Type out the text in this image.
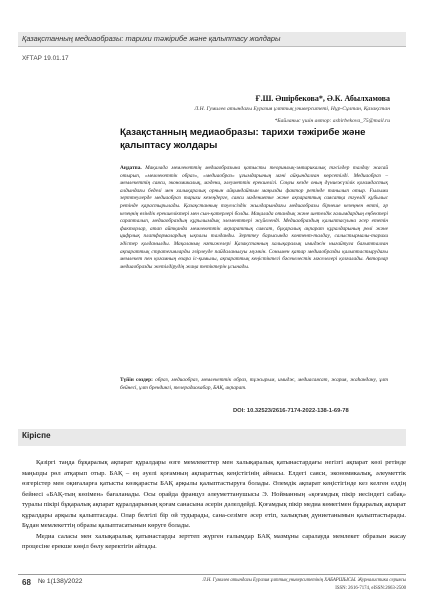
Қазақстанның медиаобразы: тарихи тәжірибе және қалыптасу жолдары
ХҒТАР 19.01.17
Ғ.Ш. Әшірбекова*, Ә.К. Абылхамова
Л.Н. Гумилев атындағы Еуразия ұлттық университеті, Нұр-Сұлтан, Қазақстан
*Байланыс үшін автор: ashirbekova_75@mail.ru
Қазақстанның медиаобразы: тарихи тәжірибе және қалыптасу жолдары
Аңдатпа. Мақалада мемлекеттің медиаобразына қатысты теориялық-эмпирикалық тәсілдер талдау жасай отырып, «мемлекеттік образ», «медиаобраз» ұғымдарының мәні айқындалған көрсетілді. Медиаобраз – мемлекеттің саяси, экономикалық, мәдени, әлеуметтік ерекшелігі. Соңғы кезде оның дүниежүзілік қоғамдастық алдындағы беделі мен халықаралық орнын айқындайтын маңызды фактор ретінде танылып отыр. Ғылыми зерттеулерде медиаобраз тарихи кезеңдерге, саяси мәдениетке және ақпараттық саясатқа тәуелді құбылыс ретінде қарастырылады. Қазақстанның тәуелсіздік жылдарындағы медиаобразы бірнеше кезеңнен өтті, әр кезеңнің өзіндік ерекшеліктері мен сын-қатерлері болды. Мақалада отандық және шетелдік ғалымдардың еңбектері сарапталып, медиаобраздың құрылымдық элементтері жүйеленді. Медиаобраздың қалыптасуына әсер ететін факторлар, атап айтқанда мемлекеттік ақпараттық саясат, бұқаралық ақпарат құралдарының рөлі және цифрлық платформалардың ықпалы талданды. Зерттеу барысында контент-талдау, салыстырмалы-тарихи әдістер қолданылды. Мақаланың нәтижелері Қазақстанның халықаралық имиджін нығайтуға бағытталған ақпараттық стратегияларды әзірлеуде пайдаланылуы мүмкін. Сонымен қатар медиаобразды қалыптастырудағы мемлекет пен қоғамның өзара іс-қимылы, ақпараттық кеңістіктегі бәсекелестік мәселелері қозғалады. Авторлар медиаобразды жетілдірудің жаңа тетіктерін ұсынады.
Түйін сөздер: образ, медиаобраз, мемлекеттік образ, тұжырым, имидж, медиасаясат, жария, жаһандану, ұлт бейнесі, ұлт брендингі, телерадиохабар, БАҚ, ақпарат.
DOI: 10.32523/2616-7174-2022-138-1-69-78
Кіріспе

Қазіргі таңда бұқаралық ақпарат құралдары өзге мемлекеттер мен халықаралық қатынастардағы негізгі ақпарат көзі ретінде маңызды рөл атқарып отыр. БАҚ – ең әуелі қоғамның ақпараттық кеңістігінің айнасы. Елдегі саяси, экономикалық, әлеуметтік өзгерістер мен оқиғаларға қатысты көзқарасты БАҚ арқылы қалыптастыруға болады. Әлемдік ақпарат кеңістігінде кез келген елдің бейнесі «БАҚ-тың көзімен» бағаланады. Осы орайда француз әлеуметтанушысы Э. Нойманның «қоғамдық пікір иесіндегі сабақ» туралы пікірі бұқаралық ақпарат құралдарының қоғам санасына әсерін дәлелдейді. Қоғамдық пікір медиа көмегімен бұқаралық ақпарат құралдары арқылы қалыптасады. Олар белгілі бір ой тудырады, сана-сезімге әсер етіп, халықтың дүниетанымын қалыптастырады. Бұдан мемлекеттің образы қалыптасатынын көруге болады.

Медиа саласы мен халықаралық қатынастарды зерттеп жүрген ғалымдар БАҚ мазмұны саралауда мемлекет образын жасау процесіне ерекше көңіл бөлу керектігін айтады.

68 № 1(138)/2022	Л.Н. Гумилев атындағы Еуразия ұлттық университетінің ХАБАРШЫСЫ. Журналистика сериясы
ISSN: 2616-7174, eISSN:2663-2500
